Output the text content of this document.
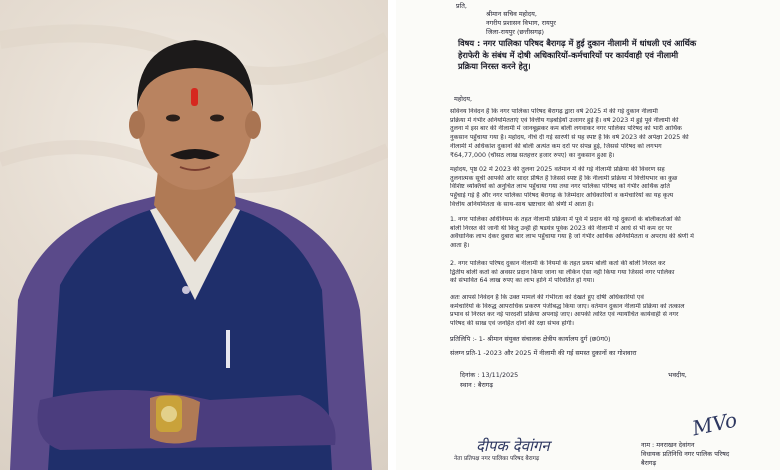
प्रति,
श्रीमान सचिव महोदय,
नगरीय प्रशासन विभाग, रायपुर
जिला-रायपुर (छत्तीसगढ़)
विषय : नगर पालिका परिषद बैरागढ़ में हुई दुकान नीलामी में धांधली एवं आर्थिक
हेराफेरी के संबंध में दोषी अधिकारियों-कर्मचारियों पर कार्यवाही एवं नीलामी
प्रक्रिया निरस्त करने हेतु।
महोदय,
सविनय निवेदन है कि नगर पालिका परिषद बैरागढ़ द्वारा वर्ष 2025 में की गई दुकान नीलामी
प्रक्रिया में गंभीर अनियमितताएं एवं वित्तीय गड़बड़ियाँ उजागर हुई हैं। वर्ष 2023 में हुई पूर्व नीलामी की
तुलना में इस बार की नीलामी में जानबूझकर कम बोली लगवाकर नगर पालिका परिषद को भारी आर्थिक
नुकसान पहुँचाया गया है। महोदय, नीचे दी गई सारणी से यह स्पष्ट है कि वर्ष 2023 की अपेक्षा 2025 की
नीलामी में अधिकांश दुकानों की बोली अत्यंत कम दरों पर संपन्न हुई, जिससे परिषद को लगभग
₹64,77,000 (चौसठ लाख सतहत्तर हजार रुपए) का नुकसान हुआ है।
महोदय, पृष्ठ 02 में 2023 की तुलना 2025 वर्तमान में की गई नीलामी प्रक्रिया की विवरण सह
तुलनात्मक सूची आपकी ओर सादर प्रेषित है जिससे स्पष्ट है कि नीलामी प्रक्रिया में वित्तीयभार का कुछ
विशिष्ट व्यक्तियों को अनुचित लाभ पहुँचाया गया तथा नगर पालिका परिषद को गंभीर आर्थिक क्षति
पहुँचाई गई है और नगर पालिका परिषद बैरागढ़ के जिम्मेदार अधिकारियों व कर्मचारियों का यह कृत्य
वित्तीय अनियमितता के साथ-साथ भ्रष्टाचार की श्रेणी में आता है।
1. नगर पालिका अधिनियम के तहत नीलामी प्रक्रिया में पूर्व में प्रदान की गई दुकानों के बोलीकर्ताओं की
बोली निरस्त की जानी थी किंतु उन्हीं ही षडयंत्र पूर्वक 2023 की नीलामी में आधे से भी कम दर पर
अवैधानिक लाभ देकर दुबारा बार लाभ पहुँचाया गया है जो गंभीर आर्थिक अनियमितता व अपराध की श्रेणी में
आता है।
2. नगर पालिका परिषद दुकान नीलामी के नियमों के तहत प्रथम बोली कर्ता की बोली निरस्त कर
द्वितीय बोली कर्ता को अवसर प्रदान किया जाना था लेकिन ऐसा नहीं किया गया जिससे नगर पालिका
को संभावित 64 लाख रुपए का लाभ हानि में परिवर्तित हो गया।
अतः आपसे निवेदन है कि उक्त मामले की गंभीरता को देखते हुए दोषी अधिकारियों एवं
कर्मचारियों के विरुद्ध आपराधिक प्रकरण पंजीबद्ध किया जाए। वर्तमान दुकान नीलामी प्रक्रिया को तत्काल
प्रभाव से निरस्त कर नई पारदर्शी प्रक्रिया अपनाई जाए। आपकी त्वरित एवं न्यायोचित कार्यवाही से नगर
परिषद की साख एवं जनहित दोनों की रक्षा संभव होगी।
प्रतिलिपि :- 1- श्रीमान संयुक्त संचालक क्षेत्रीय कार्यालय दुर्ग (छ0ग0)
संलग्न प्रति-1 -2023 और 2025 में नीलामी की गई समस्त दुकानों का गोशवारा
दिनांक : 13/11/2025
स्थान : बैरागढ़
भवदीय,
दीपक देवांगन
नेता प्रतिपक्ष नगर पालिका परिषद बैरागढ़
MVo
नाम : मनराखन देवांगन
विधायक प्रतिनिधि नगर पालिक परिषद
बैरागढ़
